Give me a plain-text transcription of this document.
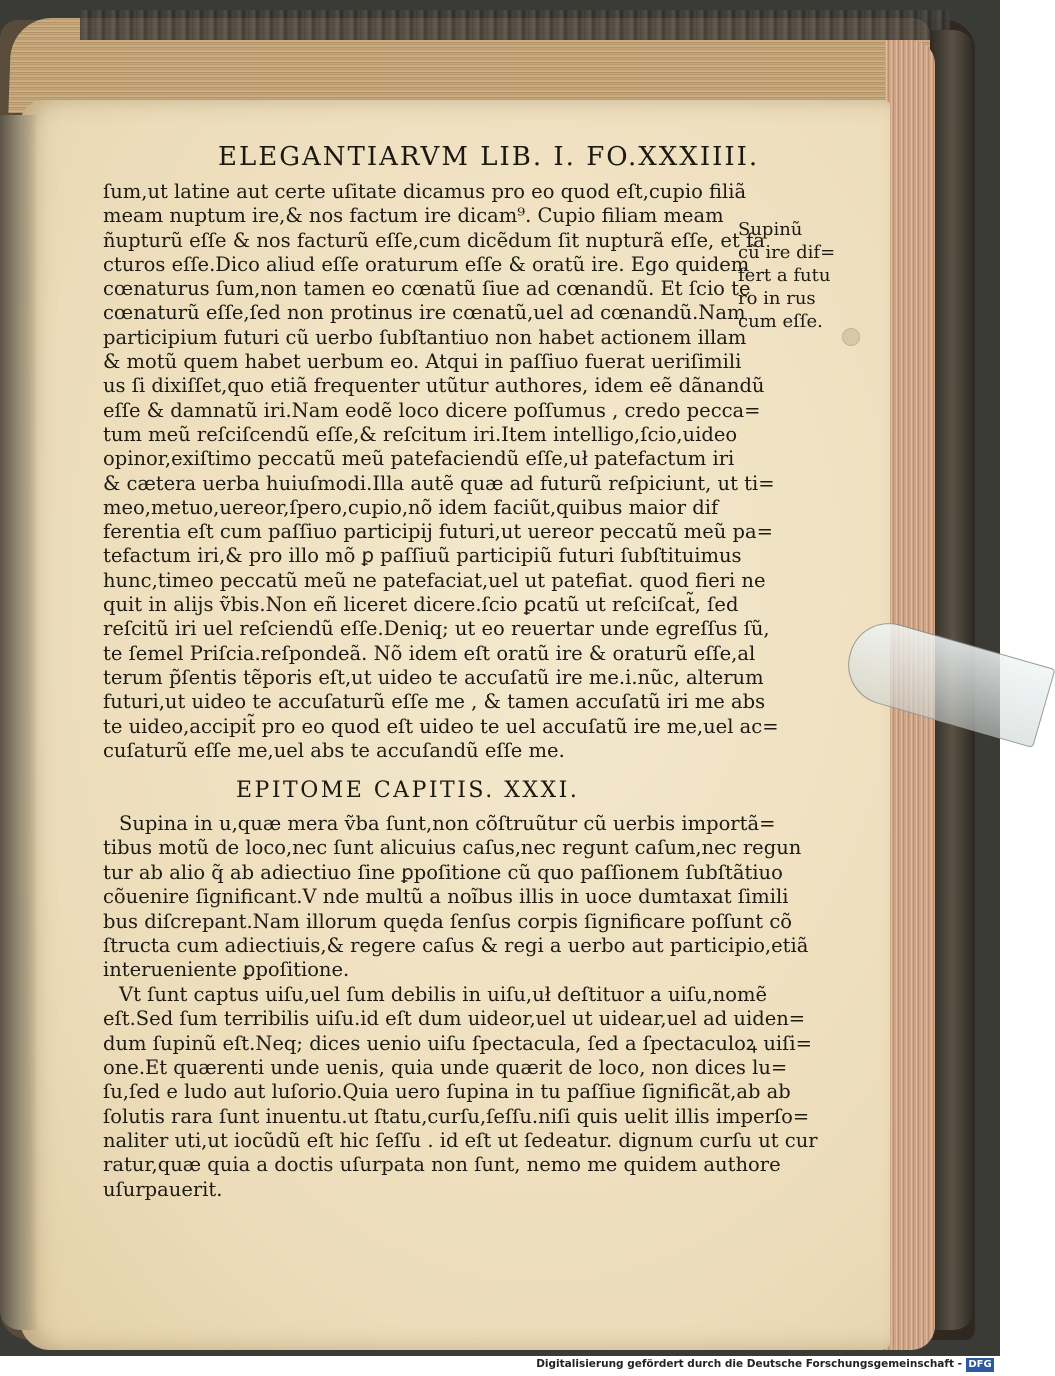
ELEGANTIARVM LIB. I. FO.XXXIIII.
ſum,ut latine aut certe uſitate dicamus pro eo quod eſt,cupio filiã
meam nuptum ire,& nos factum ire dicam⁹. Cupio filiam meam
ñupturũ eſſe & nos facturũ eſſe,cum dicẽdum ſit nupturã eſſe, et fa
cturos eſſe.Dico aliud eſſe oraturum eſſe & oratũ ire. Ego quidem
cœnaturus ſum,non tamen eo cœnatũ ſiue ad cœnandũ. Et ſcio te
cœnaturũ eſſe,ſed non protinus ire cœnatũ,uel ad cœnandũ.Nam
participium futuri cũ uerbo ſubſtantiuo non habet actionem illam
& motũ quem habet uerbum eo. Atqui in paſſiuo fuerat ueriſimili
us ſi dixiſſet,quo etiã frequenter utũtur authores, idem eẽ dãnandũ
eſſe & damnatũ iri.Nam eodẽ loco dicere poſſumus , credo pecca=
tum meũ reſciſcendũ eſſe,& reſcitum iri.Item intelligo,ſcio,uideo
opinor,exiſtimo peccatũ meũ patefaciendũ eſſe,uł patefactum iri
& cætera uerba huiuſmodi.Illa autẽ quæ ad futurũ reſpiciunt, ut ti=
meo,metuo,uereor,ſpero,cupio,nõ idem faciũt,quibus maior dif
ferentia eſt cum paſſiuo participij futuri,ut uereor peccatũ meũ pa=
tefactum iri,& pro illo mõ ꝑ paſſiuũ participiũ futuri ſubſtituimus
hunc,timeo peccatũ meũ ne patefaciat,uel ut patefiat. quod fieri ne
quit in alijs ṽbis.Non eñ liceret dicere.ſcio ꝑcatũ ut reſciſcat̃, ſed
reſcitũ iri uel reſciendũ eſſe.Deniq; ut eo reuertar unde egreſſus ſũ,
te ſemel Priſcia.reſpondeã. Nõ idem eſt oratũ ire & oraturũ eſſe,al
terum p̃ſentis tẽporis eſt,ut uideo te accuſatũ ire me.i.nũc, alterum
futuri,ut uideo te accuſaturũ eſſe me , & tamen accuſatũ iri me abs
te uideo,accipit̃ pro eo quod eſt uideo te uel accuſatũ ire me,uel ac=
cuſaturũ eſſe me,uel abs te accuſandũ eſſe me.
Supinũ
cũ ire dif=
fert a futu
ro in rus
cum eſſe.
EPITOME CAPITIS. XXXI.
Supina in u,quæ mera ṽba ſunt,non cõſtruũtur cũ uerbis importã=
tibus motũ de loco,nec ſunt alicuius caſus,nec regunt caſum,nec regun
tur ab alio q̃ ab adiectiuo ſine ꝑpoſitione cũ quo paſſionem ſubſtãtiuo
cõuenire ſignificant.V nde multũ a noĩbus illis in uoce dumtaxat ſimili
bus diſcrepant.Nam illorum quęda ſenſus corpis ſignificare poſſunt cõ
ſtructa cum adiectiuis,& regere caſus & regi a uerbo aut participio,etiã
interueniente ꝑpoſitione.
Vt ſunt captus uiſu,uel ſum debilis in uiſu,uł deſtituor a uiſu,nomẽ
eſt.Sed ſum terribilis uiſu.id eſt dum uideor,uel ut uidear,uel ad uiden=
dum ſupinũ eſt.Neq; dices uenio uiſu ſpectacula, ſed a ſpectaculoꝝ uiſi=
one.Et quærenti unde uenis, quia unde quærit de loco, non dices lu=
ſu,ſed e ludo aut luſorio.Quia uero ſupina in tu paſſiue ſignificãt,ab ab
ſolutis rara ſunt inuentu.ut ſtatu,curſu,ſeſſu.niſi quis uelit illis imperſo=
naliter uti,ut iocũdũ eſt hic ſeſſu . id eſt ut ſedeatur. dignum curſu ut cur
ratur,quæ quia a doctis uſurpata non ſunt, nemo me quidem authore
uſurpauerit.
Digitalisierung gefördert durch die Deutsche Forschungsgemeinschaft - DFG
